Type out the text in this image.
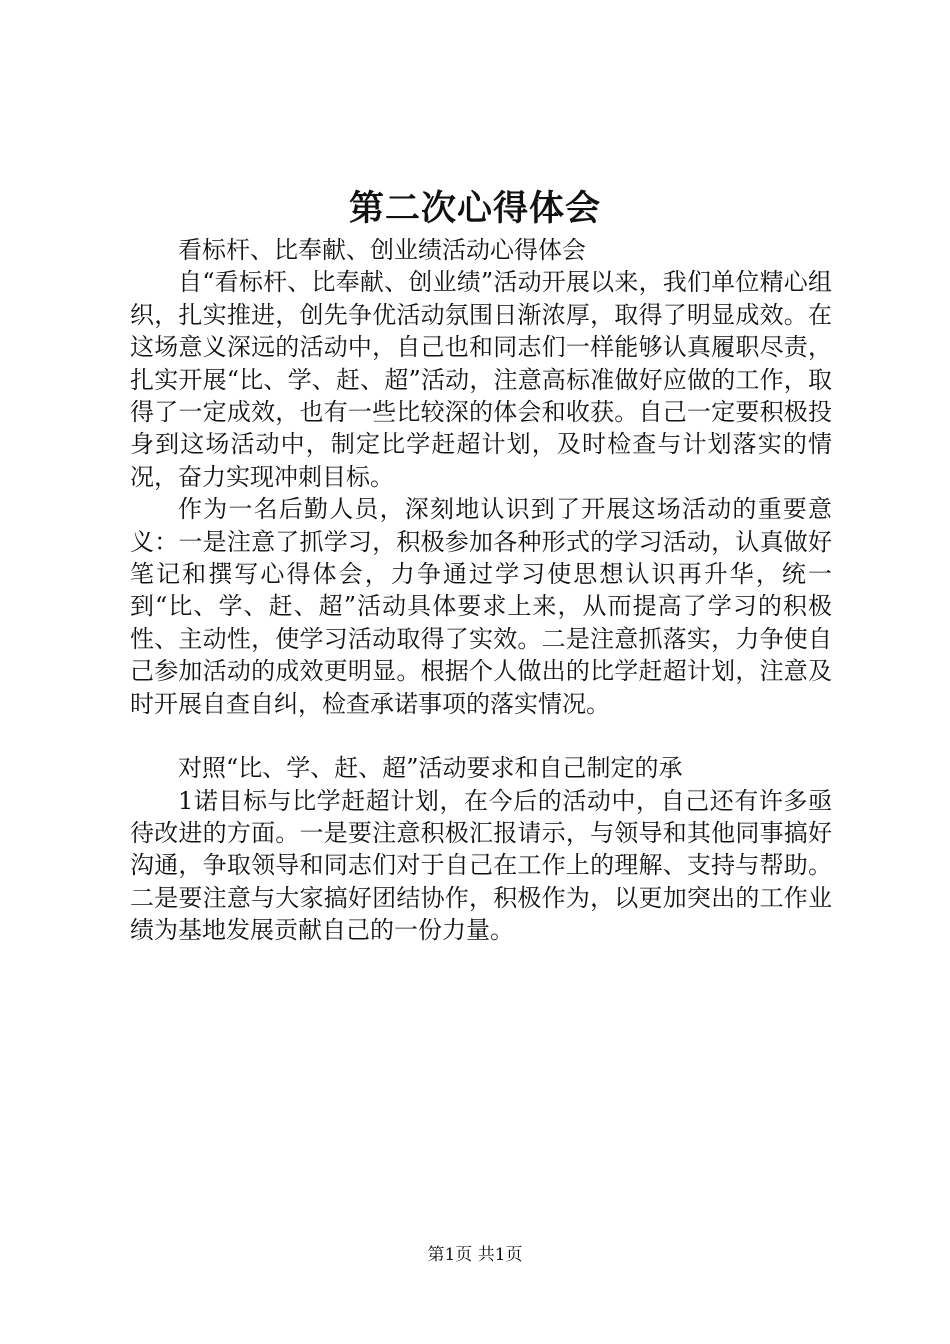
第二次心得体会

看标杆、比奉献、创业绩活动心得体会

自“看标杆、比奉献、创业绩”活动开展以来，我们单位精心组织，扎实推进，创先争优活动氛围日渐浓厚，取得了明显成效。在这场意义深远的活动中，自己也和同志们一样能够认真履职尽责，扎实开展“比、学、赶、超”活动，注意高标准做好应做的工作，取得了一定成效，也有一些比较深的体会和收获。自己一定要积极投身到这场活动中，制定比学赶超计划，及时检查与计划落实的情况，奋力实现冲刺目标。

作为一名后勤人员，深刻地认识到了开展这场活动的重要意义：一是注意了抓学习，积极参加各种形式的学习活动，认真做好笔记和撰写心得体会，力争通过学习使思想认识再升华，统一到“比、学、赶、超”活动具体要求上来，从而提高了学习的积极性、主动性，使学习活动取得了实效。二是注意抓落实，力争使自己参加活动的成效更明显。根据个人做出的比学赶超计划，注意及时开展自查自纠，检查承诺事项的落实情况。

对照“比、学、赶、超”活动要求和自己制定的承

1诺目标与比学赶超计划，在今后的活动中，自己还有许多亟待改进的方面。一是要注意积极汇报请示，与领导和其他同事搞好沟通，争取领导和同志们对于自己在工作上的理解、支持与帮助。二是要注意与大家搞好团结协作，积极作为，以更加突出的工作业绩为基地发展贡献自己的一份力量。

第1页 共1页
